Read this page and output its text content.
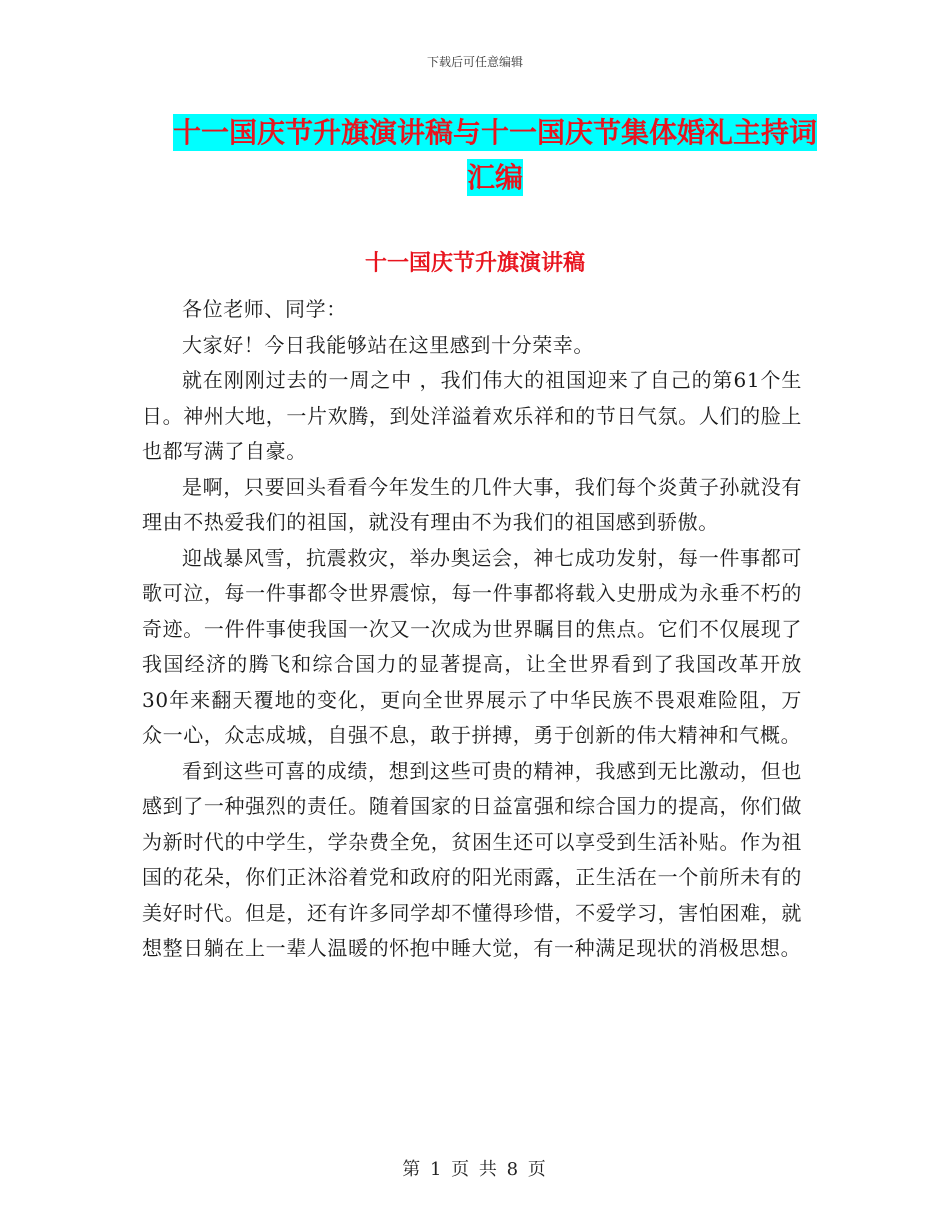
下载后可任意编辑
十一国庆节升旗演讲稿与十一国庆节集体婚礼主持词
汇编
十一国庆节升旗演讲稿

各位老师、同学：

大家好！今日我能够站在这里感到十分荣幸。

就在刚刚过去的一周之中 ，我们伟大的祖国迎来了自己的第61个生日。神州大地，一片欢腾，到处洋溢着欢乐祥和的节日气氛。人们的脸上也都写满了自豪。

是啊，只要回头看看今年发生的几件大事，我们每个炎黄子孙就没有理由不热爱我们的祖国，就没有理由不为我们的祖国感到骄傲。

迎战暴风雪，抗震救灾，举办奥运会，神七成功发射，每一件事都可歌可泣，每一件事都令世界震惊，每一件事都将载入史册成为永垂不朽的奇迹。一件件事使我国一次又一次成为世界瞩目的焦点。它们不仅展现了我国经济的腾飞和综合国力的显著提高，让全世界看到了我国改革开放30年来翻天覆地的变化，更向全世界展示了中华民族不畏艰难险阻，万众一心，众志成城，自强不息，敢于拼搏，勇于创新的伟大精神和气概。

看到这些可喜的成绩，想到这些可贵的精神，我感到无比激动，但也感到了一种强烈的责任。随着国家的日益富强和综合国力的提高，你们做为新时代的中学生，学杂费全免，贫困生还可以享受到生活补贴。作为祖国的花朵，你们正沐浴着党和政府的阳光雨露，正生活在一个前所未有的美好时代。但是，还有许多同学却不懂得珍惜，不爱学习，害怕困难，就想整日躺在上一辈人温暖的怀抱中睡大觉，有一种满足现状的消极思想。

第 1 页 共 8 页
